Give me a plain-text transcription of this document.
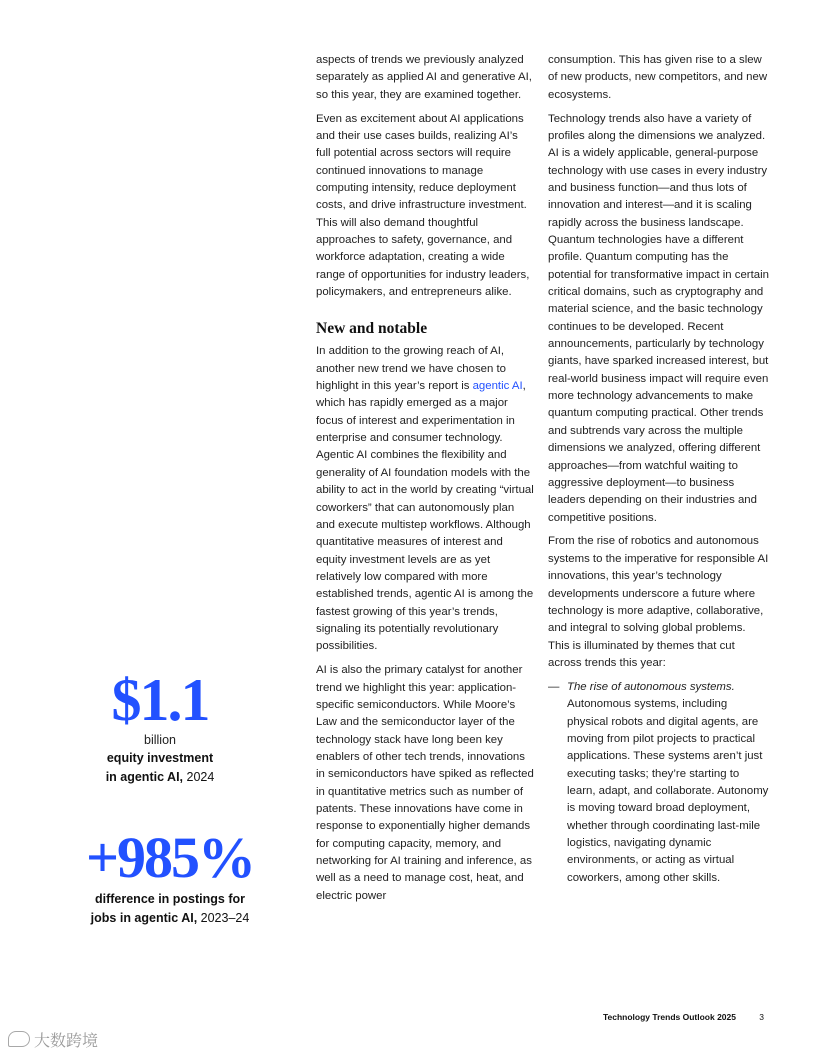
$1.1
billion
equity investment
in agentic AI, 2024
+985%
difference in postings for
jobs in agentic AI, 2023–24

aspects of trends we previously analyzed separately as applied AI and generative AI, so this year, they are examined together.

Even as excitement about AI applications and their use cases builds, realizing AI’s full potential across sectors will require continued innovations to manage computing intensity, reduce deployment costs, and drive infrastructure investment. This will also demand thoughtful approaches to safety, governance, and workforce adaptation, creating a wide range of opportunities for industry leaders, policymakers, and entrepreneurs alike.

New and notable

In addition to the growing reach of AI, another new trend we have chosen to highlight in this year’s report is agentic AI, which has rapidly emerged as a major focus of interest and experimentation in enterprise and consumer technology. Agentic AI combines the flexibility and generality of AI foundation models with the ability to act in the world by creating “virtual coworkers” that can autonomously plan and execute multistep workflows. Although quantitative measures of interest and equity investment levels are as yet relatively low compared with more established trends, agentic AI is among the fastest growing of this year’s trends, signaling its potentially revolutionary possibilities.

AI is also the primary catalyst for another trend we highlight this year: application-specific semiconductors. While Moore’s Law and the semiconductor layer of the technology stack have long been key enablers of other tech trends, innovations in semiconductors have spiked as reflected in quantitative metrics such as number of patents. These innovations have come in response to exponentially higher demands for computing capacity, memory, and networking for AI training and inference, as well as a need to manage cost, heat, and electric power

consumption. This has given rise to a slew of new products, new competitors, and new ecosystems.

Technology trends also have a variety of profiles along the dimensions we analyzed. AI is a widely applicable, general-purpose technology with use cases in every industry and business function—and thus lots of innovation and interest—and it is scaling rapidly across the business landscape. Quantum technologies have a different profile. Quantum computing has the potential for transformative impact in certain critical domains, such as cryptography and material science, and the basic technology continues to be developed. Recent announcements, particularly by technology giants, have sparked increased interest, but real-world business impact will require even more technology advancements to make quantum computing practical. Other trends and subtrends vary across the multiple dimensions we analyzed, offering different approaches—from watchful waiting to aggressive deployment—to business leaders depending on their industries and competitive positions.

From the rise of robotics and autonomous systems to the imperative for responsible AI innovations, this year’s technology developments underscore a future where technology is more adaptive, collaborative, and integral to solving global problems. This is illuminated by themes that cut across trends this year:

— The rise of autonomous systems. Autonomous systems, including physical robots and digital agents, are moving from pilot projects to practical applications. These systems aren’t just executing tasks; they’re starting to learn, adapt, and collaborate. Autonomy is moving toward broad deployment, whether through coordinating last-mile logistics, navigating dynamic environments, or acting as virtual coworkers, among other skills.
Technology Trends Outlook 2025	3
大数跨境
